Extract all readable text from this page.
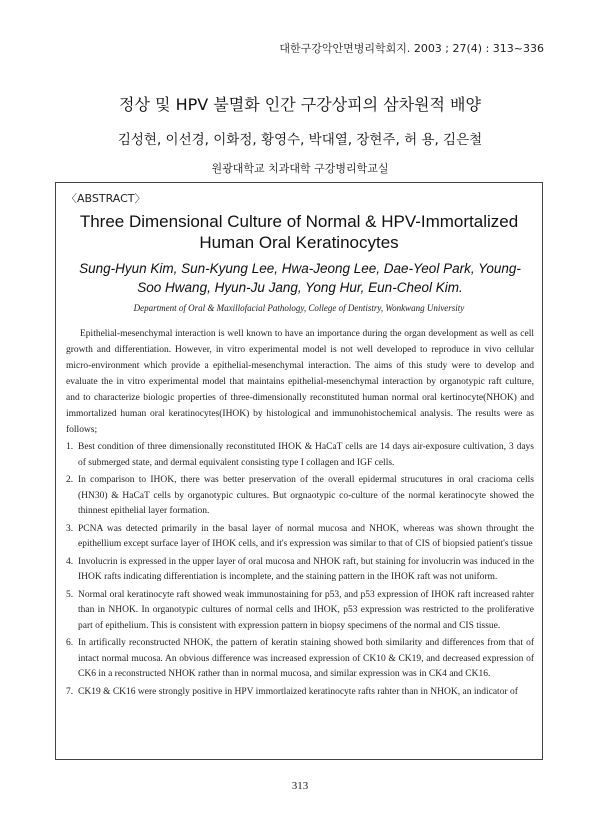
대한구강악안면병리학회지. 2003 ; 27(4) : 313~336
정상 및 HPV 불멸화 인간 구강상피의 삼차원적 배양
김성현, 이선경, 이화정, 황영수, 박대열, 장현주, 허 용, 김은철
원광대학교 치과대학 구강병리학교실
〈ABSTRACT〉
Three Dimensional Culture of Normal & HPV-Immortalized
Human Oral Keratinocytes
Sung-Hyun Kim, Sun-Kyung Lee, Hwa-Jeong Lee, Dae-Yeol Park, Young-Soo Hwang, Hyun-Ju Jang, Yong Hur, Eun-Cheol Kim.
Department of Oral & Maxillofacial Pathology, College of Dentistry, Wonkwang University

Epithelial-mesenchymal interaction is well known to have an importance during the organ development as well as cell growth and differentiation. However, in vitro experimental model is not well developed to reproduce in vivo cellular micro-environment which provide a epithelial-mesenchymal interaction. The aims of this study were to develop and evaluate the in vitro experimental model that maintains epithelial-mesenchymal interaction by organotypic raft culture, and to characterize biologic properties of three-dimensionally reconstituted human normal oral kertinocyte(NHOK) and immortalized human oral keratinocytes(IHOK) by histological and immunohistochemical analysis. The results were as follows;

1. Best condition of three dimensionally reconstituted IHOK & HaCaT cells are 14 days air-exposure cultivation, 3 days of submerged state, and dermal equivalent consisting type I collagen and IGF cells.
2. In comparison to IHOK, there was better preservation of the overall epidermal strucutures in oral cracioma cells (HN30) & HaCaT cells by organotypic cultures. But orgnaotypic co-culture of the normal keratinocyte showed the thinnest epithelial layer formation.
3. PCNA was detected primarily in the basal layer of normal mucosa and NHOK, whereas was shown throught the epithellium except surface layer of IHOK cells, and it's expression was similar to that of CIS of biopsied patient's tissue
4. Involucrin is expressed in the upper layer of oral mucosa and NHOK raft, but staining for involucrin was induced in the IHOK rafts indicating differentiation is incomplete, and the staining pattern in the IHOK raft was not uniform.
5. Normal oral keratinocyte raft showed weak immunostaining for p53, and p53 expression of IHOK raft increased rahter than in NHOK. In organotypic cultures of normal cells and IHOK, p53 expression was restricted to the proliferative part of epithelium. This is consistent with expression pattern in biopsy specimens of the normal and CIS tissue.
6. In artifically reconstructed NHOK, the pattern of keratin staining showed both similarity and differences from that of intact normal mucosa. An obvious difference was increased expression of CK10 & CK19, and decreased expression of CK6 in a reconstructed NHOK rather than in normal mucosa, and similar expression was in CK4 and CK16.
7. CK19 & CK16 were strongly positive in HPV immortlaized keratinocyte rafts rahter than in NHOK, an indicator of
313
